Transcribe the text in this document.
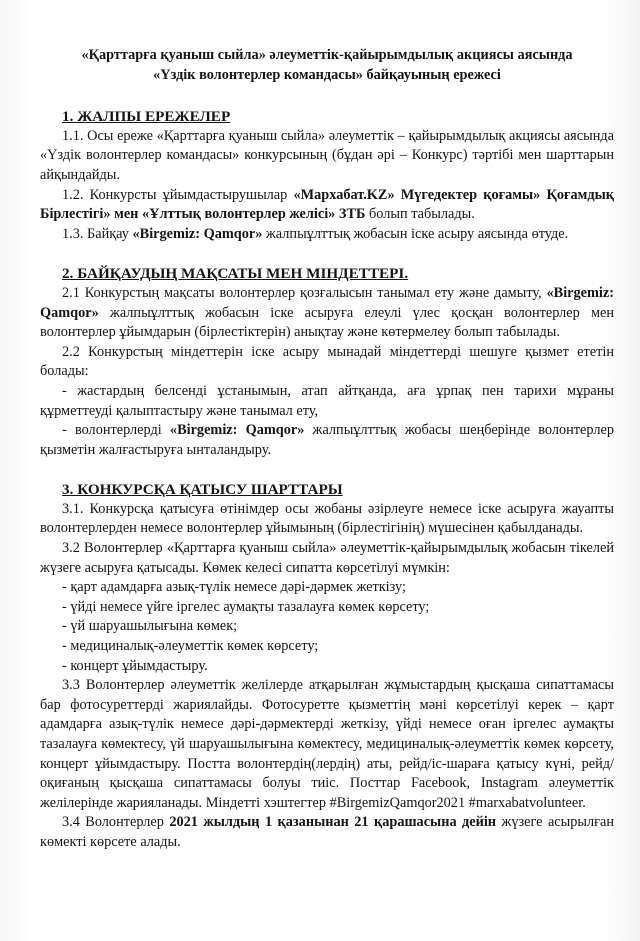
«Қарттарға қуаныш сыйла» әлеуметтік-қайырымдылық акциясы аясында
«Үздік волонтерлер командасы» байқауының ережесі
1. ЖАЛПЫ ЕРЕЖЕЛЕР

1.1. Осы ереже «Қарттарға қуаныш сыйла» әлеуметтік – қайырымдылық акциясы аясында «Үздік волонтерлер командасы» конкурсының (бұдан әрі – Конкурс) тәртібі мен шарттарын айқындайды.

1.2. Конкурсты ұйымдастырушылар «Мархабат.KZ» Мүгедектер қоғамы» Қоғамдық Бірлестігі» мен «Ұлттық волонтерлер желісі» ЗТБ болып табылады.

1.3. Байқау «Birgemiz: Qamqor» жалпыұлттық жобасын іске асыру аясында өтуде.

2. БАЙҚАУДЫҢ МАҚСАТЫ МЕН МІНДЕТТЕРІ.

2.1 Конкурстың мақсаты волонтерлер қозғалысын танымал ету және дамыту, «Birgemiz: Qamqor» жалпыұлттық жобасын іске асыруға елеулі үлес қосқан волонтерлер мен волонтерлер ұйымдарын (бірлестіктерін) анықтау және көтермелеу болып табылады.

2.2 Конкурстың міндеттерін іске асыру мынадай міндеттерді шешуге қызмет ететін болады:

- жастардың белсенді ұстанымын, атап айтқанда, аға ұрпақ пен тарихи мұраны құрметтеуді қалыптастыру және танымал ету,

- волонтерлерді «Birgemiz: Qamqor» жалпыұлттық жобасы шеңберінде волонтерлер қызметін жалғастыруға ынталандыру.

3. КОНКУРСҚА ҚАТЫСУ ШАРТТАРЫ

3.1. Конкурсқа қатысуға өтінімдер осы жобаны әзірлеуге немесе іске асыруға жауапты волонтерлерден немесе волонтерлер ұйымының (бірлестігінің) мүшесінен қабылданады.

3.2 Волонтерлер «Қарттарға қуаныш сыйла» әлеуметтік-қайырымдылық жобасын тікелей жүзеге асыруға қатысады. Көмек келесі сипатта көрсетілуі мүмкін:

- қарт адамдарға азық-түлік немесе дәрі-дәрмек жеткізу;
- үйді немесе үйге іргелес аумақты тазалауға көмек көрсету;
- үй шаруашылығына көмек;
- медициналық-әлеуметтік көмек көрсету;
- концерт ұйымдастыру.

3.3 Волонтерлер әлеуметтік желілерде атқарылған жұмыстардың қысқаша сипаттамасы бар фотосуреттерді жариялайды. Фотосуретте қызметтің мәні көрсетілуі керек – қарт адамдарға азық-түлік немесе дәрі-дәрмектерді жеткізу, үйді немесе оған іргелес аумақты тазалауға көмектесу, үй шаруашылығына көмектесу, медициналық-әлеуметтік көмек көрсету, концерт ұйымдастыру. Посттa волонтердің(лердің) аты, рейд/іс-шараға қатысу күні, рейд/оқиғаның қысқаша сипаттамасы болуы тиіс. Посттар Facebook, Instagram әлеуметтік желілерінде жарияланады. Міндетті хэштегтер #BirgemizQamqor2021 #marxabatvolunteer.

3.4 Волонтерлер 2021 жылдың 1 қазанынан 21 қарашасына дейін жүзеге асырылған көмекті көрсете алады.
